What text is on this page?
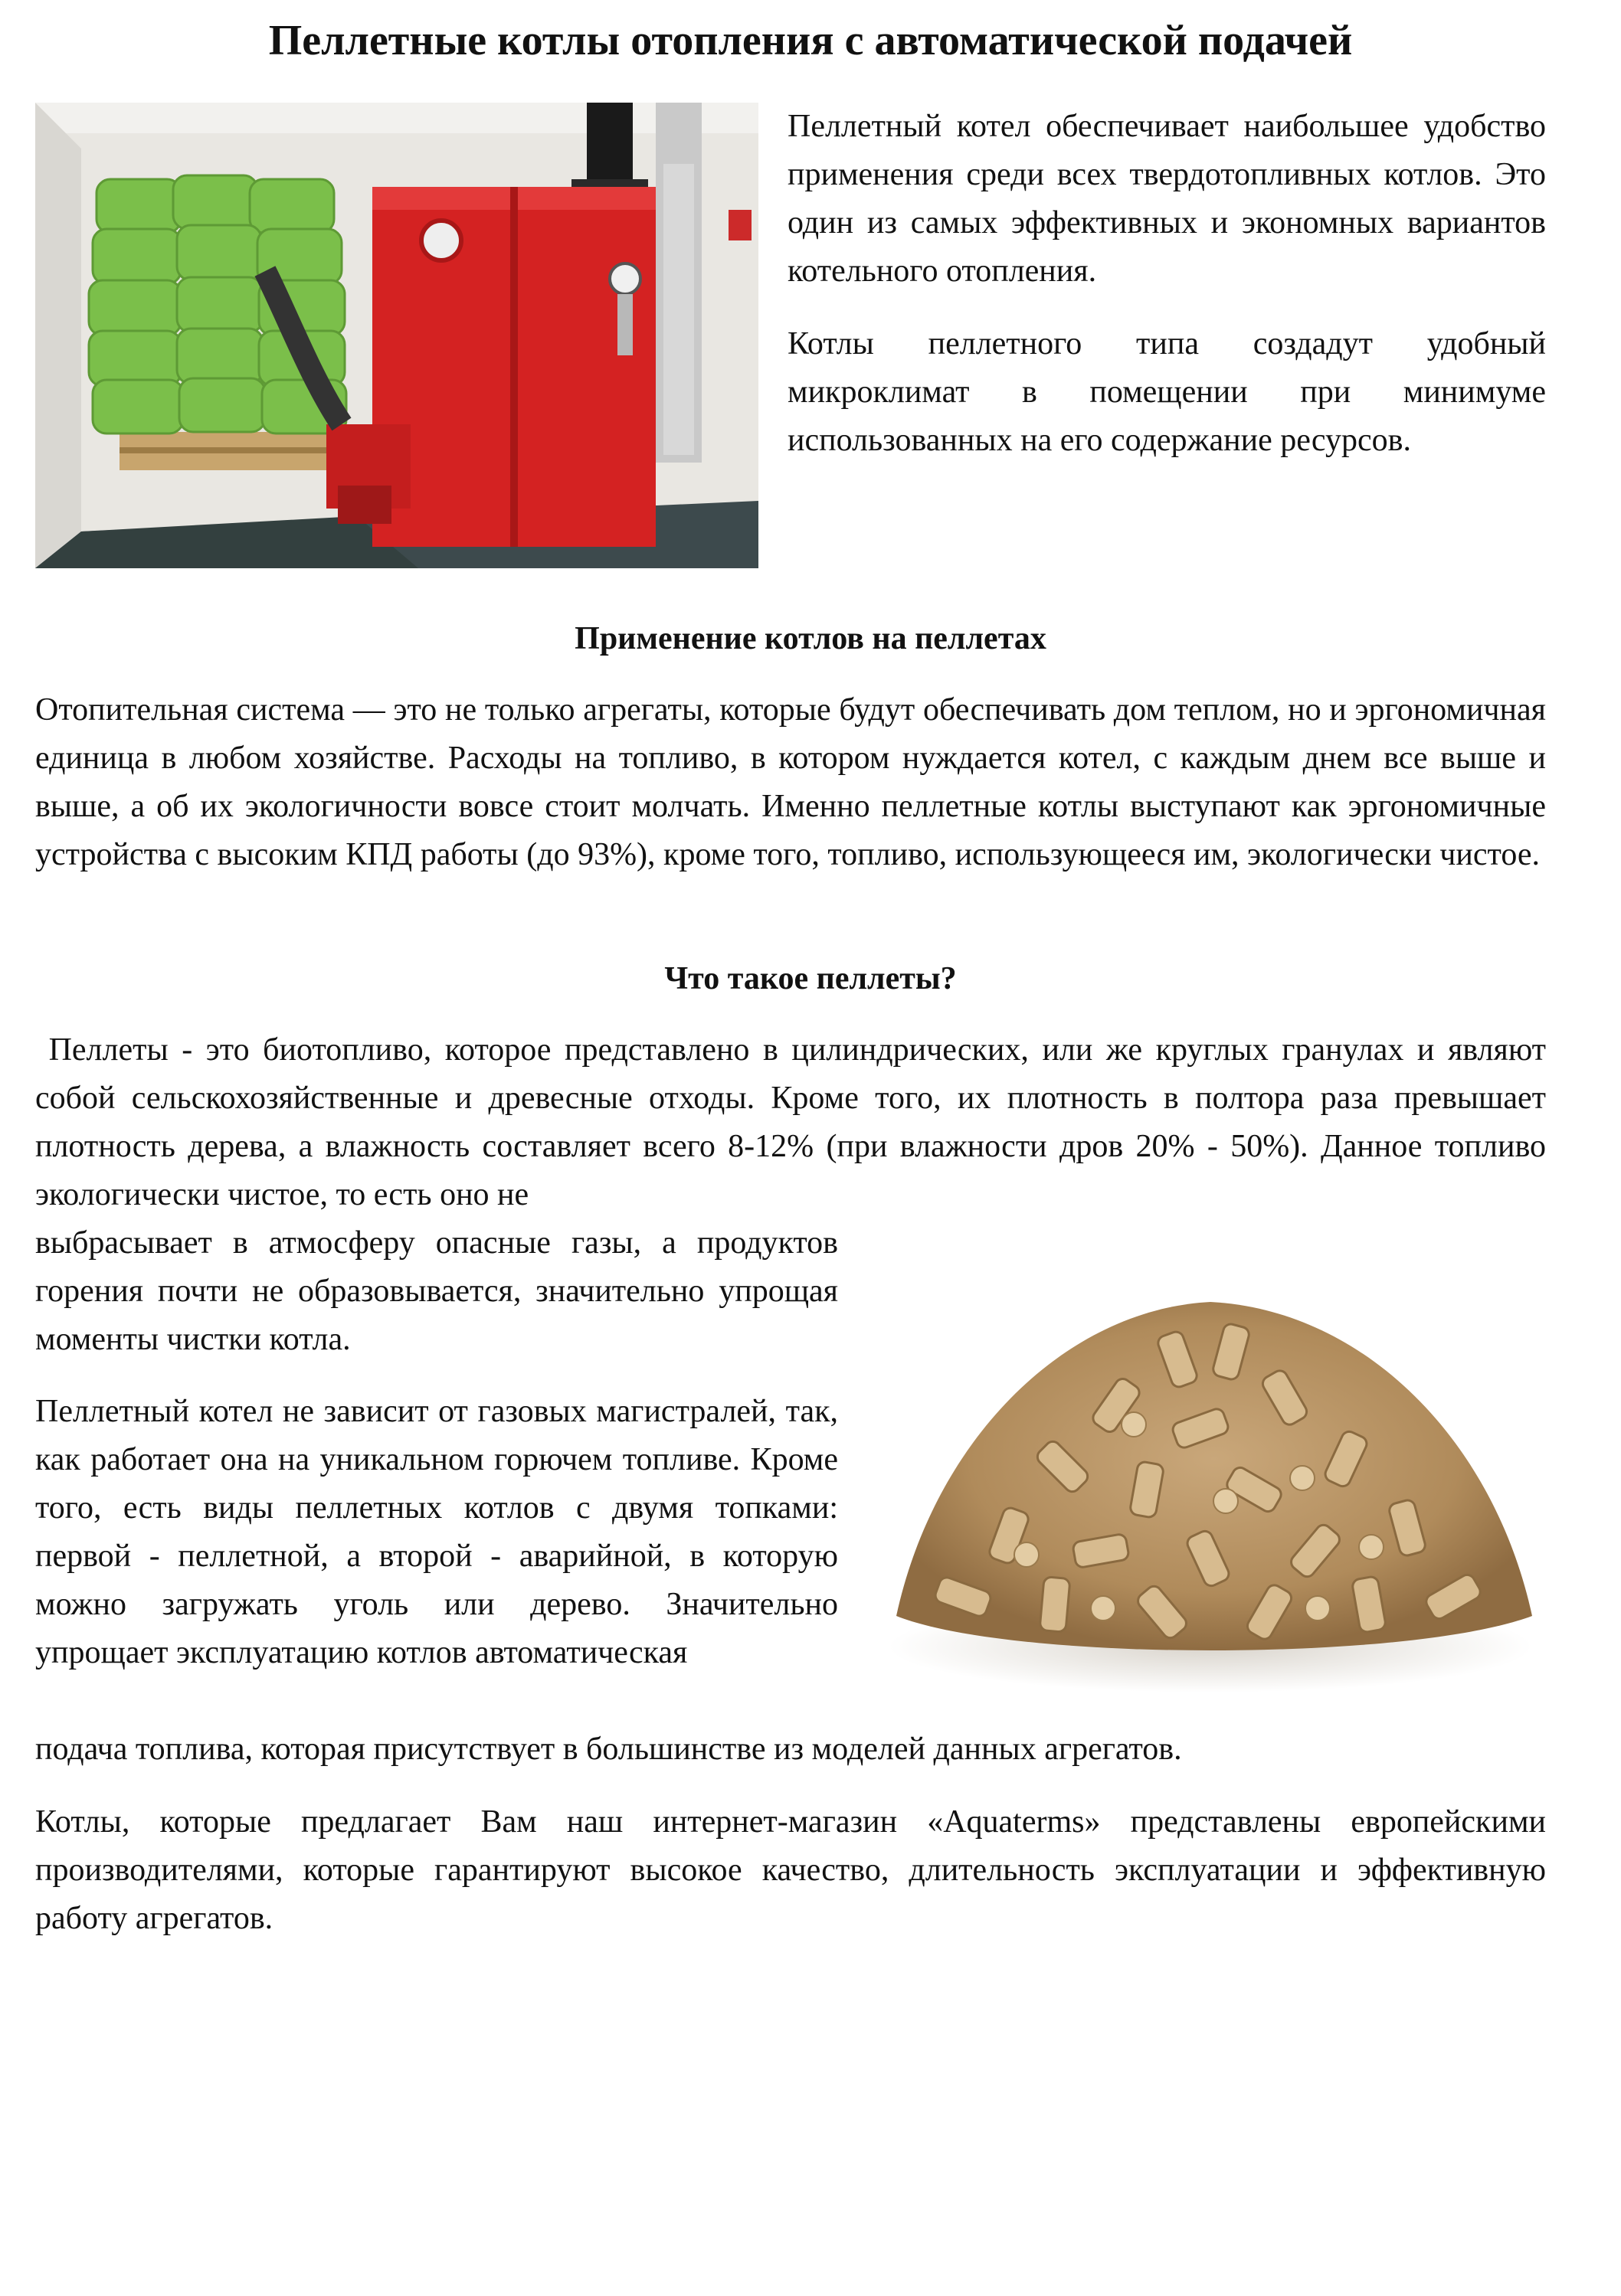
Пеллетные котлы отопления с автоматической подачей

Пеллетный котел обеспечивает наибольшее удобство применения среди всех твердотопливных котлов. Это один из самых эффективных и экономных вариантов котельного отопления.

Котлы пеллетного типа создадут удобный микроклимат в помещении при минимуме использованных на его содержание ресурсов.

Применение котлов на пеллетах

Отопительная система — это не только агрегаты, которые будут обеспечивать дом теплом, но и эргономичная единица в любом хозяйстве. Расходы на топливо, в котором нуждается котел, с каждым днем все выше и выше, а об их экологичности вовсе стоит молчать. Именно пеллетные котлы выступают как эргономичные устройства с высоким КПД работы (до 93%), кроме того, топливо, использующееся им, экологически чистое.

Что такое пеллеты?

Пеллеты - это биотопливо, которое представлено в цилиндрических, или же круглых гранулах и являют собой сельскохозяйственные и древесные отходы. Кроме того, их плотность в полтора раза превышает плотность дерева, а влажность составляет всего 8-12% (при влажности дров 20% - 50%). Данное топливо экологически чистое, то есть оно не

выбрасывает в атмосферу опасные газы, а продуктов горения почти не образовывается, значительно упрощая моменты чистки котла.

Пеллетный котел не зависит от газовых магистралей, так, как работает она на уникальном горючем топливе. Кроме того, есть виды пеллетных котлов с двумя топками: первой - пеллетной, а второй - аварийной, в которую можно загружать уголь или дерево. Значительно упрощает эксплуатацию котлов автоматическая

подача топлива, которая присутствует в большинстве из моделей данных агрегатов.

Котлы, которые предлагает Вам наш интернет-магазин «Aquaterms» представлены европейскими производителями, которые гарантируют высокое качество, длительность эксплуатации и эффективную работу агрегатов.
